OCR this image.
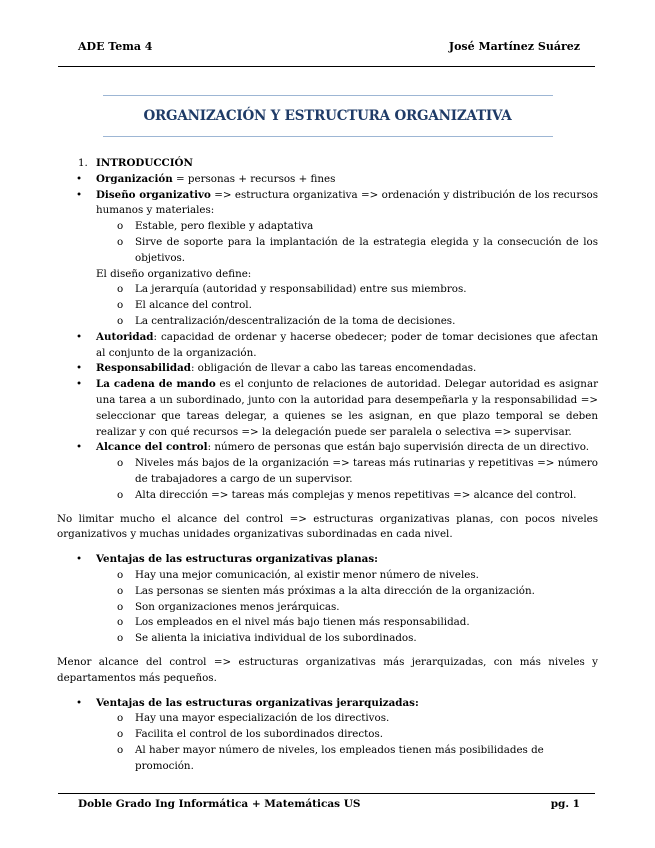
ADE Tema 4	José Martínez Suárez
ORGANIZACIÓN Y ESTRUCTURA ORGANIZATIVA
1. INTRODUCCIÓN
• Organización = personas + recursos + fines
• Diseño organizativo => estructura organizativa => ordenación y distribución de los recursos humanos y materiales:
o Estable, pero flexible y adaptativa
o Sirve de soporte para la implantación de la estrategia elegida y la consecución de los objetivos.

El diseño organizativo define:

o La jerarquía (autoridad y responsabilidad) entre sus miembros.
o El alcance del control.
o La centralización/descentralización de la toma de decisiones.
• Autoridad: capacidad de ordenar y hacerse obedecer; poder de tomar decisiones que afectan al conjunto de la organización.
• Responsabilidad: obligación de llevar a cabo las tareas encomendadas.
• La cadena de mando es el conjunto de relaciones de autoridad. Delegar autoridad es asignar una tarea a un subordinado, junto con la autoridad para desempeñarla y la responsabilidad => seleccionar que tareas delegar, a quienes se les asignan, en que plazo temporal se deben realizar y con qué recursos => la delegación puede ser paralela o selectiva => supervisar.
• Alcance del control: número de personas que están bajo supervisión directa de un directivo.
o Niveles más bajos de la organización => tareas más rutinarias y repetitivas => número de trabajadores a cargo de un supervisor.
o Alta dirección => tareas más complejas y menos repetitivas => alcance del control.

No limitar mucho el alcance del control => estructuras organizativas planas, con pocos niveles organizativos y muchas unidades organizativas subordinadas en cada nivel.

• Ventajas de las estructuras organizativas planas:
o Hay una mejor comunicación, al existir menor número de niveles.
o Las personas se sienten más próximas a la alta dirección de la organización.
o Son organizaciones menos jerárquicas.
o Los empleados en el nivel más bajo tienen más responsabilidad.
o Se alienta la iniciativa individual de los subordinados.

Menor alcance del control => estructuras organizativas más jerarquizadas, con más niveles y departamentos más pequeños.

• Ventajas de las estructuras organizativas jerarquizadas:
o Hay una mayor especialización de los directivos.
o Facilita el control de los subordinados directos.
o Al haber mayor número de niveles, los empleados tienen más posibilidades de promoción.
Doble Grado Ing Informática + Matemáticas US	pg. 1
